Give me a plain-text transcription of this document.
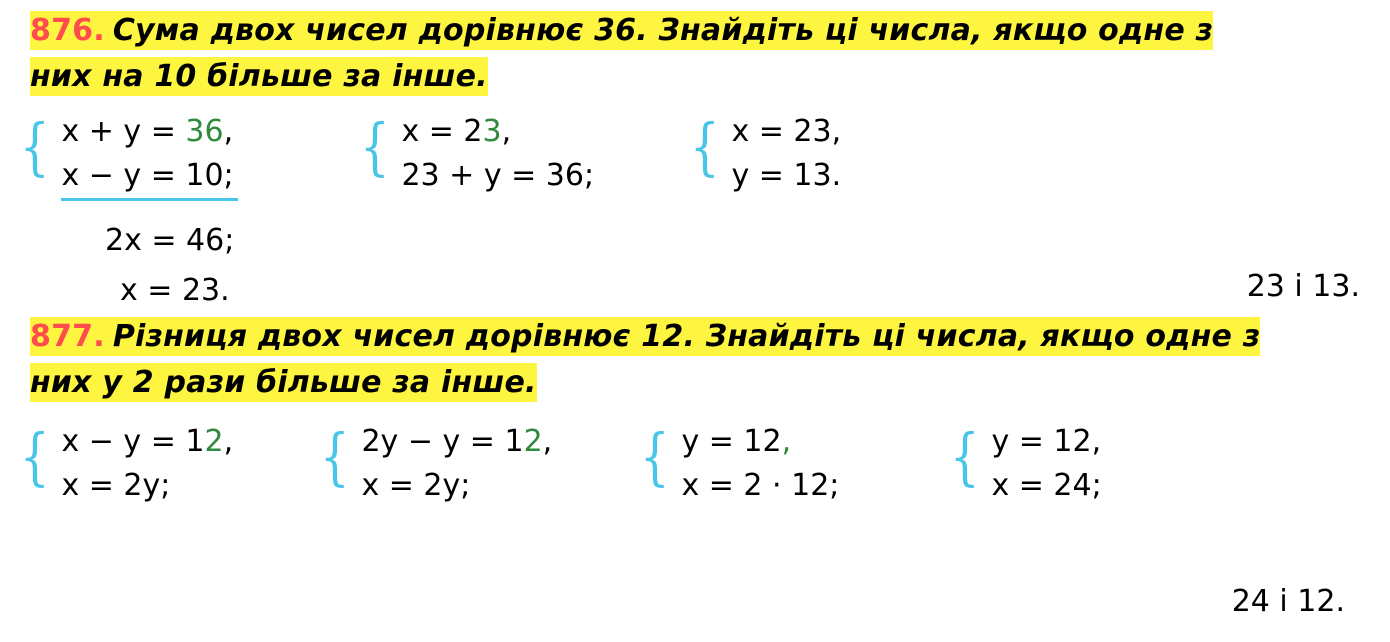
876. Сума двох чисел дорівнює 36. Знайдіть ці числа, якщо одне з
них на 10 більше за інше.
{ x + y = 36,
x − y = 10; { x = 23,
23 + y = 36; { x = 23,
y = 13.
2x = 46;
x = 23.	23 і 13.
877. Різниця двох чисел дорівнює 12. Знайдіть ці числа, якщо одне з
них у 2 рази більше за інше.
{ x − y = 12,
x = 2y;	{ 2y − y = 12,
x = 2y;	{ y = 12,
x = 2 · 12; { y = 12,
x = 24;
24 і 12.
